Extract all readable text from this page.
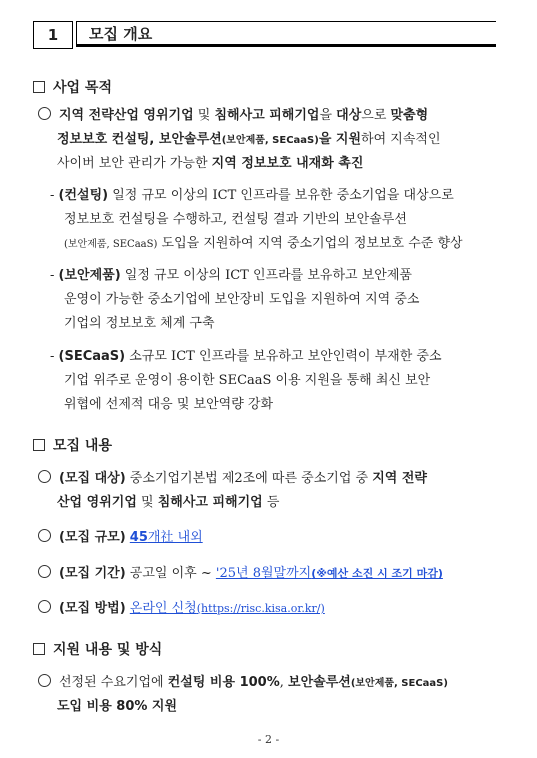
1	모집 개요
사업 목적
지역 전략산업 영위기업 및 침해사고 피해기업을 대상으로 맞춤형
정보보호 컨설팅, 보안솔루션(보안제품, SECaaS)을 지원하여 지속적인
사이버 보안 관리가 가능한 지역 정보보호 내재화 촉진
- (컨설팅) 일정 규모 이상의 ICT 인프라를 보유한 중소기업을 대상으로
정보보호 컨설팅을 수행하고, 컨설팅 결과 기반의 보안솔루션
(보안제품, SECaaS) 도입을 지원하여 지역 중소기업의 정보보호 수준 향상
- (보안제품) 일정 규모 이상의 ICT 인프라를 보유하고 보안제품
운영이 가능한 중소기업에 보안장비 도입을 지원하여 지역 중소
기업의 정보보호 체계 구축
- (SECaaS) 소규모 ICT 인프라를 보유하고 보안인력이 부재한 중소
기업 위주로 운영이 용이한 SECaaS 이용 지원을 통해 최신 보안
위협에 선제적 대응 및 보안역량 강화
모집 내용
(모집 대상) 중소기업기본법 제2조에 따른 중소기업 중 지역 전략
산업 영위기업 및 침해사고 피해기업 등
(모집 규모) 45개社 내외
(모집 기간) 공고일 이후 ~ '25년 8월말까지(※예산 소진 시 조기 마감)
(모집 방법) 온라인 신청(https://risc.kisa.or.kr/)
지원 내용 및 방식
선정된 수요기업에 컨설팅 비용 100%, 보안솔루션(보안제품, SECaaS)
도입 비용 80% 지원
- 2 -
